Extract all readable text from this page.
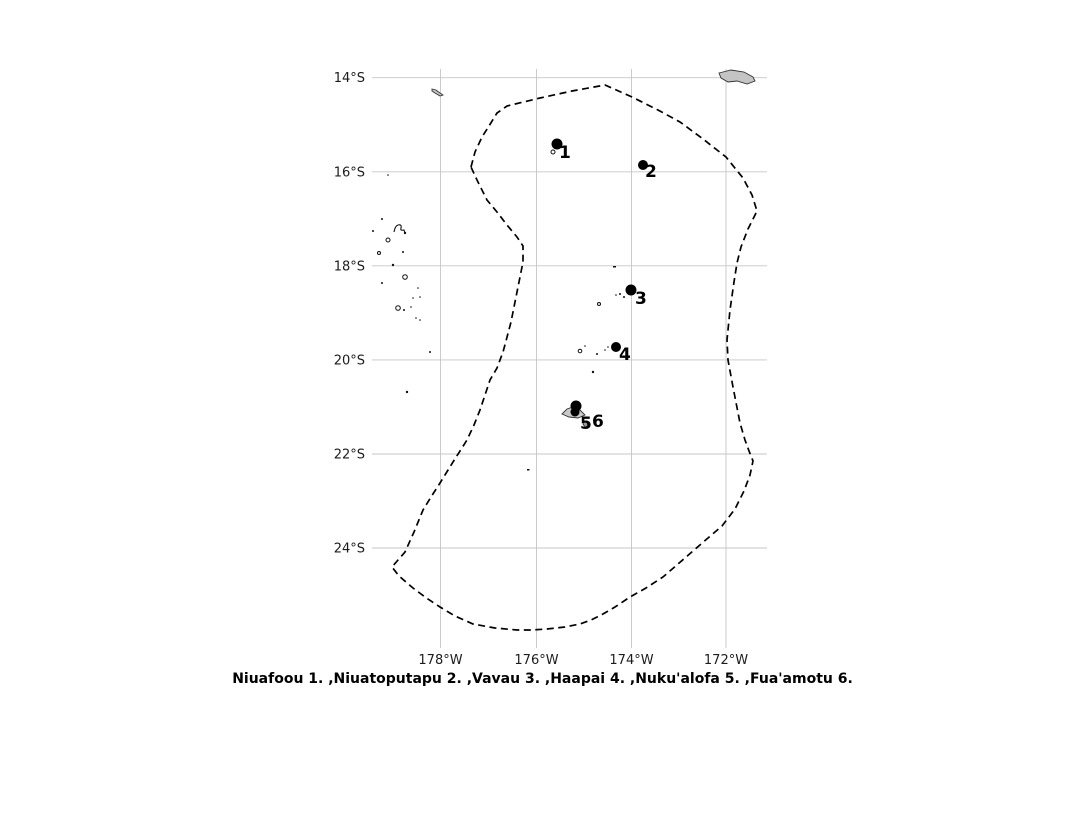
14°S
16°S
18°S
20°S
22°S
24°S
178°W	176°W	174°W	172°W
1
2
3
4
5 6
Niuafoou 1. ,Niuatoputapu 2. ,Vavau 3. ,Haapai 4. ,Nuku'alofa 5. ,Fua'amotu 6.
